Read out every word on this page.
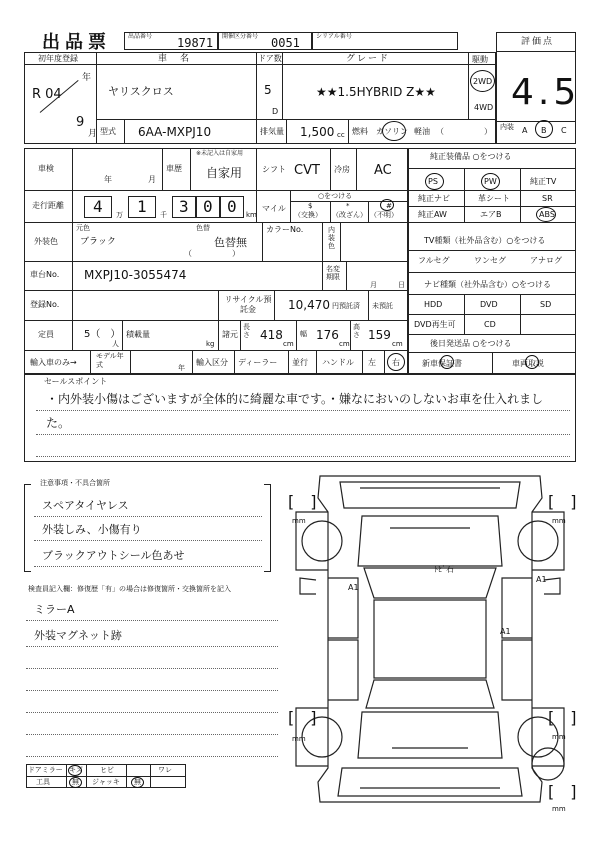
出品票	出品番号 19871 開催区分番号 0051	シリアル番号
評価点
4.5
内装 A B C
初年度登録
R 04
年
9
月
車　名
ヤリスクロス
ドア数
5
D
グレード
★★1.5HYBRID Z★★
駆動
2WD
4WD
型式 6AA-MXPJ10	排気量 1,500 cc 燃料 ガソリン 軽油 （　　　　　）
車検
年	月
車歴
※未記入は自家用
自家用 シフト CVT 冷房 AC
走行距離 4 万 1 千 3 0 0 km
マイル
○をつける
$
（交換）
*
（改ざん）
#
（不明）
外装色
元色
ブラック
色替
色替無
（　　　　　）
カラーNo.	内装色
車台No. MXPJ10-3055474	名変期限
月	日
登録No.
リサイクル預託金	10,470 円預託済 未預託
定員	5（　）
人
積載量
kg
諸元
長さ 418
cm
幅 176
cm
高さ 159
cm
輸入車のみ→
モデル年式	年
輸入区分 ディーラー 並行 ハンドル 左 右
純正装備品 ○をつける
PS	PW	純正TV
純正ナビ	革シート	SR
純正AW	エアB	ABS
TV種類（社外品含む）○をつける
フルセグ	ワンセグ	アナログ
ナビ種類（社外品含む）○をつける
HDD	DVD	SD
DVD再生可	CD
後日発送品 ○をつける
新車保証書	車両取説
セールスポイント
・内外装小傷はございますが全体的に綺麗な車です。・嫌なにおいのしないお車を仕入れまし
た。
注意事項・不具合箇所
スペアタイヤレス
外装しみ、小傷有り
ブラックアウトシール色あせ
検査員記入欄：修復歴「有」の場合は修復箇所・交換箇所を記入
ミラーA
外装マグネット跡
ドアミラー キズ ヒビ	ワレ
工具	無 ジャッキ 無
[　]
mm
[　]
mm
[　]
mm
[　]
mm
[　]
mm
A1
ﾄﾋﾞ石
A1
A1
